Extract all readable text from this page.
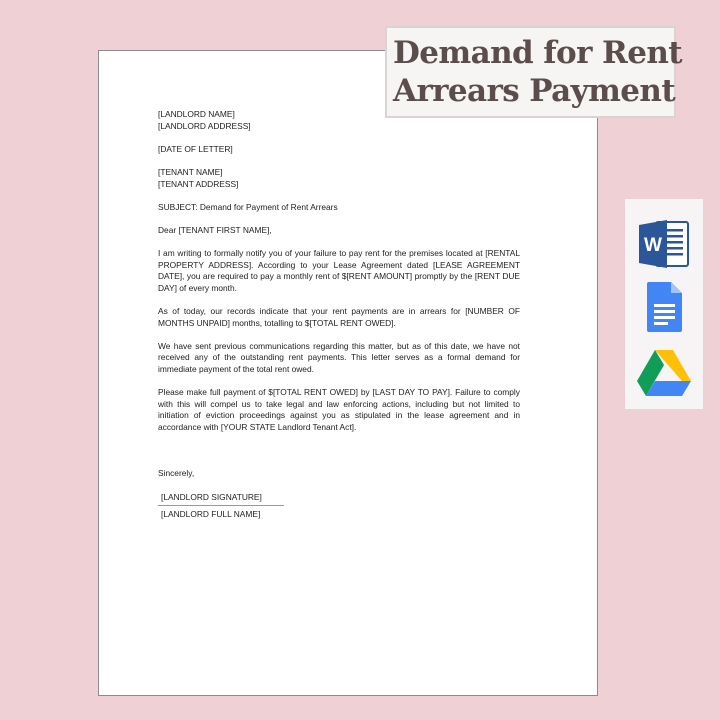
[LANDLORD NAME]
[LANDLORD ADDRESS]
[DATE OF LETTER]
[TENANT NAME]
[TENANT ADDRESS]
SUBJECT: Demand for Payment of Rent Arrears
Dear [TENANT FIRST NAME],

I am writing to formally notify you of your failure to pay rent for the premises located at [RENTAL PROPERTY ADDRESS]. According to your Lease Agreement dated [LEASE AGREEMENT DATE], you are required to pay a monthly rent of $[RENT AMOUNT] promptly by the [RENT DUE DAY] of every month.

As of today, our records indicate that your rent payments are in arrears for [NUMBER OF MONTHS UNPAID] months, totalling to $[TOTAL RENT OWED].

We have sent previous communications regarding this matter, but as of this date, we have not received any of the outstanding rent payments. This letter serves as a formal demand for immediate payment of the total rent owed.

Please make full payment of $[TOTAL RENT OWED] by [LAST DAY TO PAY]. Failure to comply with this will compel us to take legal and law enforcing actions, including but not limited to initiation of eviction proceedings against you as stipulated in the lease agreement and in accordance with [YOUR STATE Landlord Tenant Act].

Sincerely,
[LANDLORD SIGNATURE]
[LANDLORD FULL NAME]
Demand for Rent
Arrears Payment
W
